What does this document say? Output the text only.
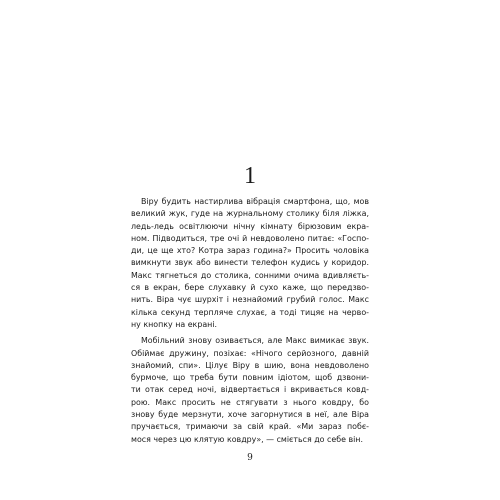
1
Віру будить настирлива вібрація смартфона, що, мов
великий жук, гуде на журнальному столику біля ліжка,
ледь-ледь освітлюючи нічну кімнату бірюзовим екра-
ном. Підводиться, тре очі й невдоволено питає: «Госпо-
ди, це ще хто? Котра зараз година?» Просить чоловіка
вимкнути звук або винести телефон кудись у коридор.
Макс тягнеться до столика, сонними очима вдивляєть-
ся в екран, бере слухавку й сухо каже, що передзво-
нить. Віра чує шурхіт і незнайомий грубий голос. Макс
кілька секунд терпляче слухає, а тоді тицяє на черво-
ну кнопку на екрані.
Мобільний знову озивається, але Макс вимикає звук.
Обіймає дружину, позіхає: «Нічого серйозного, давній
знайомий, спи». Цілує Віру в шию, вона невдоволено
бурмоче, що треба бути повним ідіотом, щоб дзвони-
ти отак серед ночі, відвертається і вкривається ковд-
рою. Макс просить не стягувати з нього ковдру, бо
знову буде мерзнути, хоче загорнутися в неї, але Віра
пручається, тримаючи за свій край. «Ми зараз побє-
мося через цю клятую ковдру», — сміється до себе він.
9
